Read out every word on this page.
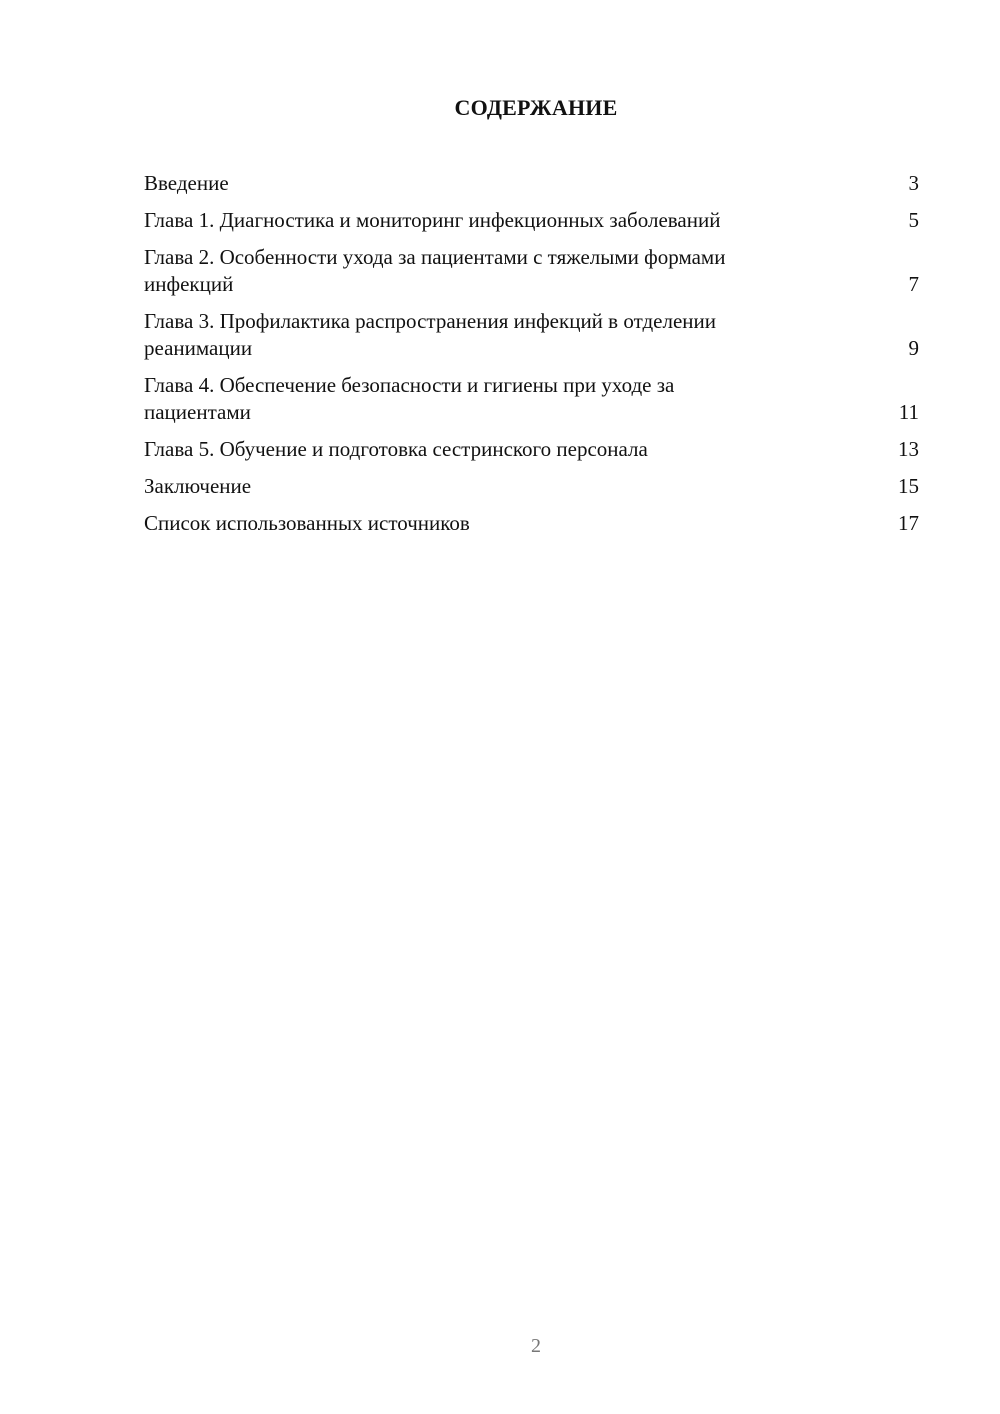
СОДЕРЖАНИЕ
Введение	3
Глава 1. Диагностика и мониторинг инфекционных заболеваний	5
Глава 2. Особенности ухода за пациентами с тяжелыми формами инфекций	7
Глава 3. Профилактика распространения инфекций в отделении реанимации	9
Глава 4. Обеспечение безопасности и гигиены при уходе за пациентами	11
Глава 5. Обучение и подготовка сестринского персонала	13
Заключение	15
Список использованных источников	17
2
